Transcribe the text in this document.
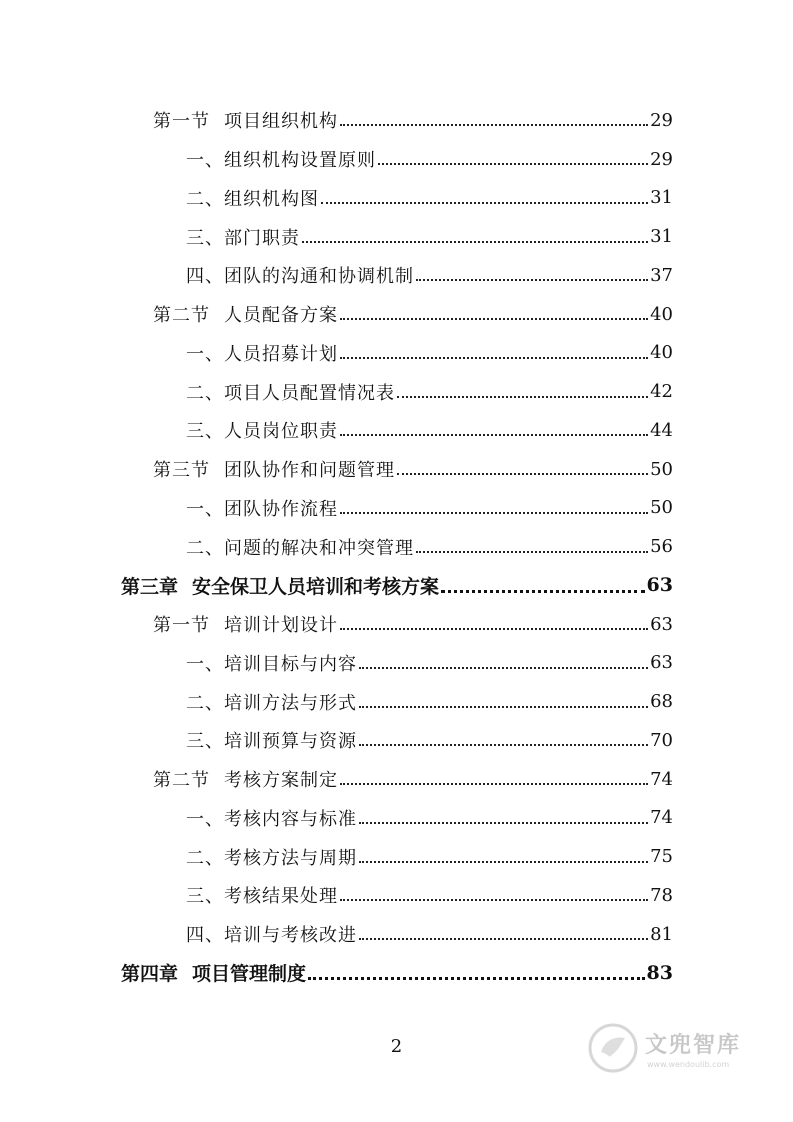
第一节 项目组织机构	29
一、组织机构设置原则	29
二、组织机构图	31
三、部门职责	31
四、团队的沟通和协调机制	37
第二节 人员配备方案	40
一、人员招募计划	40
二、项目人员配置情况表	42
三、人员岗位职责	44
第三节 团队协作和问题管理	50
一、团队协作流程	50
二、问题的解决和冲突管理	56
第三章 安全保卫人员培训和考核方案	63
第一节 培训计划设计	63
一、培训目标与内容	63
二、培训方法与形式	68
三、培训预算与资源	70
第二节 考核方案制定	74
一、考核内容与标准	74
二、考核方法与周期	75
三、考核结果处理	78
四、培训与考核改进	81
第四章 项目管理制度	83
2	文兜智库
www.wendoulib.com
